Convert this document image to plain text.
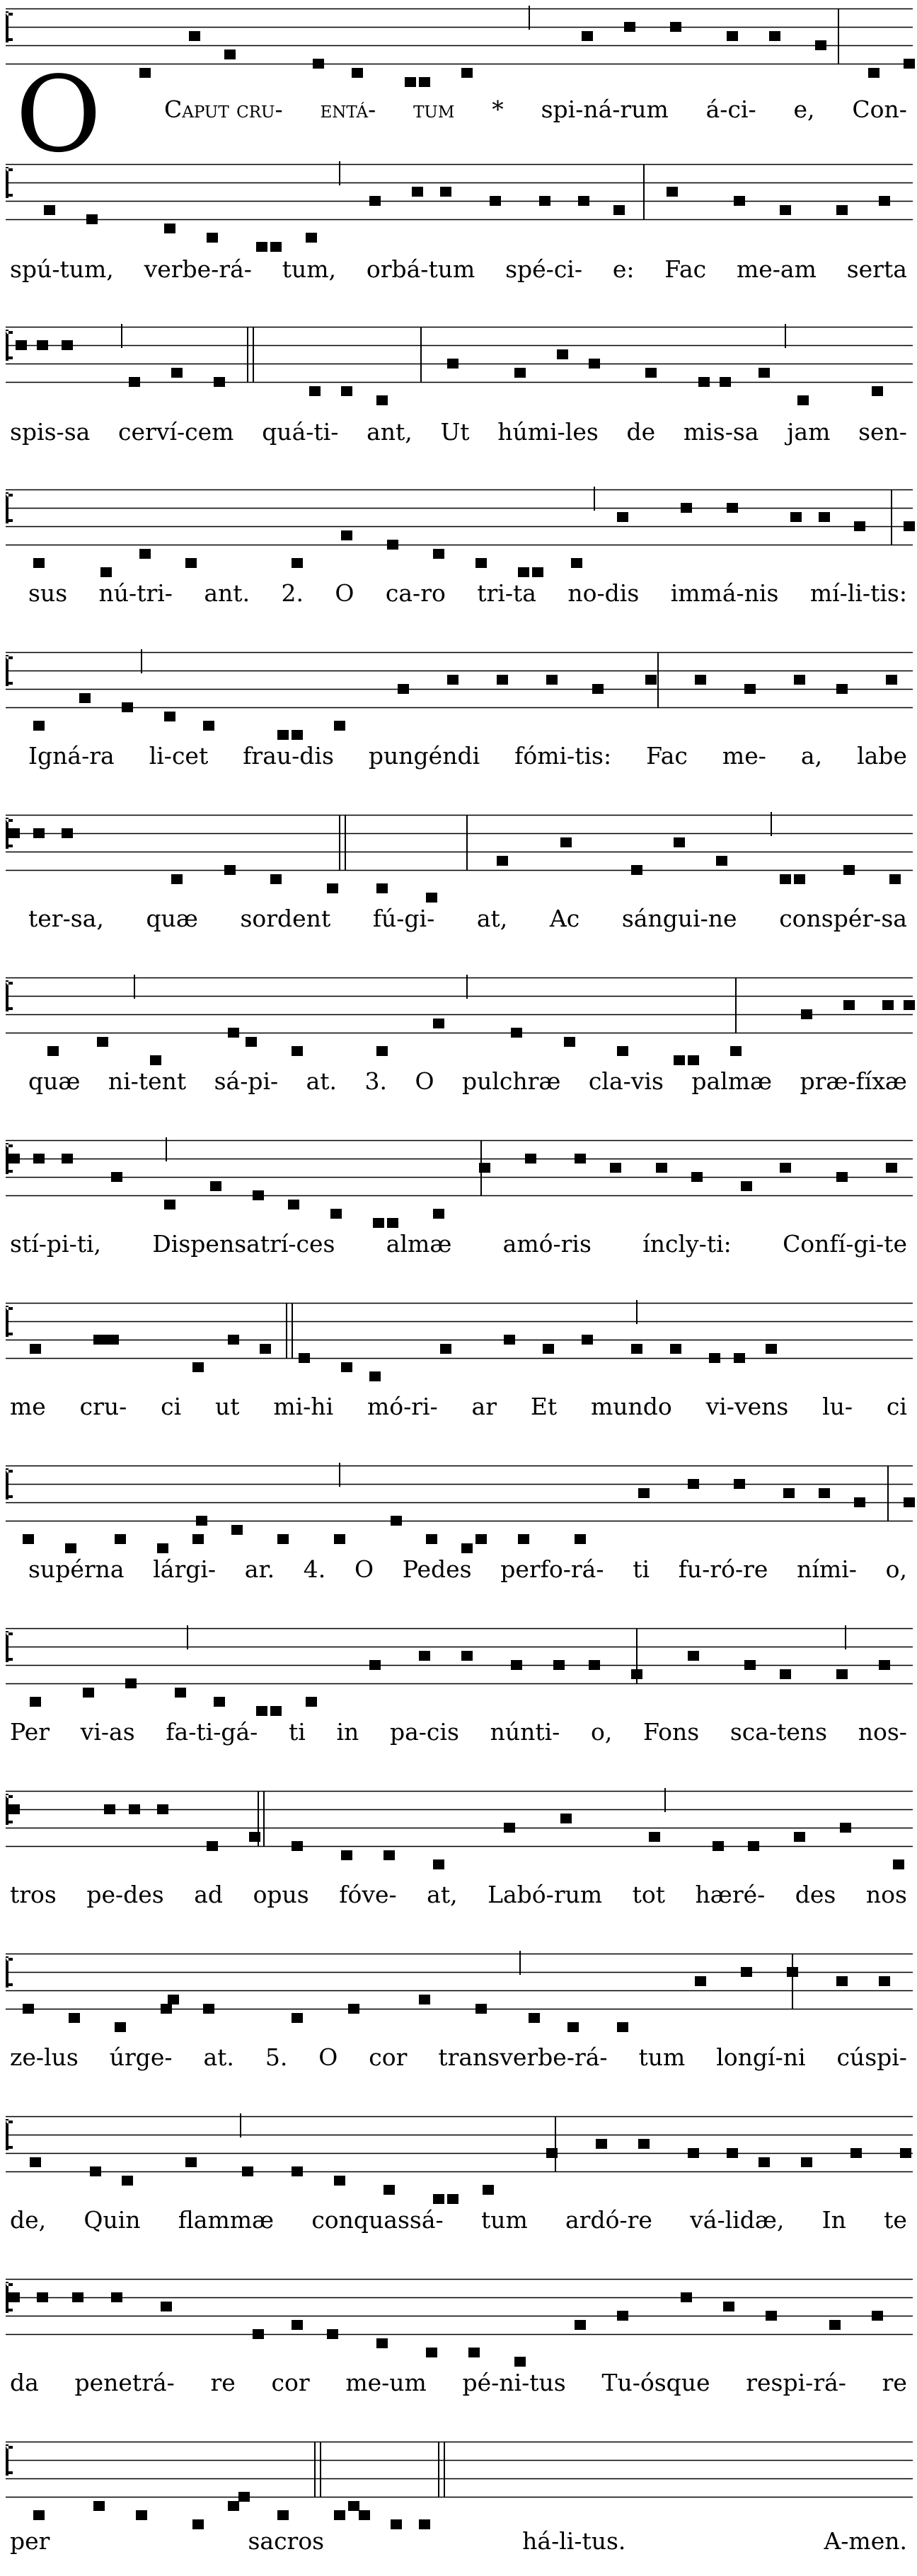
O	Caput cru- entá- tum * spi-ná-rum á-ci- e, Con-
spú-tum, verbe-rá- tum, orbá-tum spé-ci- e: Fac me-am serta
spis-sa cerví-cem quá-ti- ant, Ut húmi-les de mis-sa jam sen-
sus nú-tri- ant. 2. O ca-ro tri-ta no-dis immá-nis mí-li-tis:
Igná-ra li-cet frau-dis pungéndi fómi-tis: Fac me- a, labe
ter-sa, quæ sordent fú-gi- at, Ac sángui-ne conspér-sa
quæ ni-tent sá-pi- at. 3. O pulchræ cla-vis palmæ præ-fíxæ
stí-pi-ti, Dispensatrí-ces almæ amó-ris íncly-ti: Confí-gi-te
me cru- ci ut mi-hi mó-ri- ar Et mundo vi-vens lu- ci
supérna lárgi- ar. 4. O Pedes perfo-rá- ti fu-ró-re ními- o,
Per vi-as fa-ti-gá- ti in pa-cis núnti- o, Fons sca-tens nos-
tros pe-des ad opus fóve- at, Labó-rum tot hæré- des nos
ze-lus úrge- at. 5. O cor transverbe-rá- tum longí-ni cúspi-
de, Quin flammæ conquassá- tum ardó-re vá-lidæ, In te
da penetrá- re cor me-um pé-ni-tus Tu-ósque respi-rá- re
per	sacros	há-li-tus.	A-men.
